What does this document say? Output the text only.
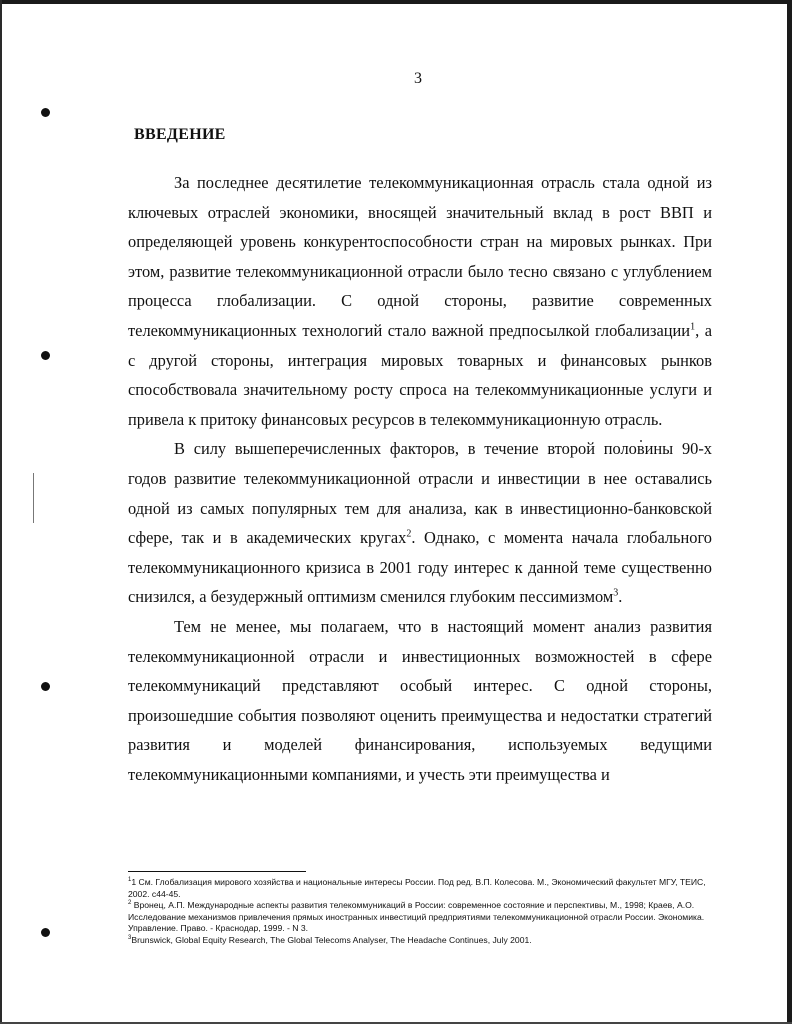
3
ВВЕДЕНИЕ

За последнее десятилетие телекоммуникационная отрасль стала одной из ключевых отраслей экономики, вносящей значительный вклад в рост ВВП и определяющей уровень конкурентоспособности стран на мировых рынках. При этом, развитие телекоммуникационной отрасли было тесно связано с углублением процесса глобализации. С одной стороны, развитие современных телекоммуникационных технологий стало важной предпосылкой глобализации$^1$, а с другой стороны, интеграция мировых товарных и финансовых рынков способствовала значительному росту спроса на телекоммуникационные услуги и привела к притоку финансовых ресурсов в телекоммуникационную отрасль.

В силу вышеперечисленных факторов, в течение второй половины 90-х годов развитие телекоммуникационной отрасли и инвестиции в нее оставались одной из самых популярных тем для анализа, как в инвестиционно-банковской сфере, так и в академических кругах$^2$. Однако, с момента начала глобального телекоммуникационного кризиса в 2001 году интерес к данной теме существенно снизился, а безудержный оптимизм сменился глубоким пессимизмом$^3$.

Тем не менее, мы полагаем, что в настоящий момент анализ развития телекоммуникационной отрасли и инвестиционных возможностей в сфере телекоммуникаций представляют особый интерес. С одной стороны, произошедшие события позволяют оценить преимущества и недостатки стратегий развития и моделей финансирования, используемых ведущими телекоммуникационными компаниями, и учесть эти преимущества и

$^1$1 См. Глобализация мирового хозяйства и национальные интересы России. Под ред. В.П. Колесова. М., Экономический факультет МГУ, ТЕИС, 2002. с44-45.

$^2$ Вронец, А.П. Международные аспекты развития телекоммуникаций в России: современное состояние и перспективы, М., 1998; Краев, А.О. Исследование механизмов привлечения прямых иностранных инвестиций предприятиями телекоммуникационной отрасли России. Экономика. Управление. Право. - Краснодар, 1999. - N 3.

$^3$Brunswick, Global Equity Research, The Global Telecoms Analyser, The Headache Continues, July 2001.
